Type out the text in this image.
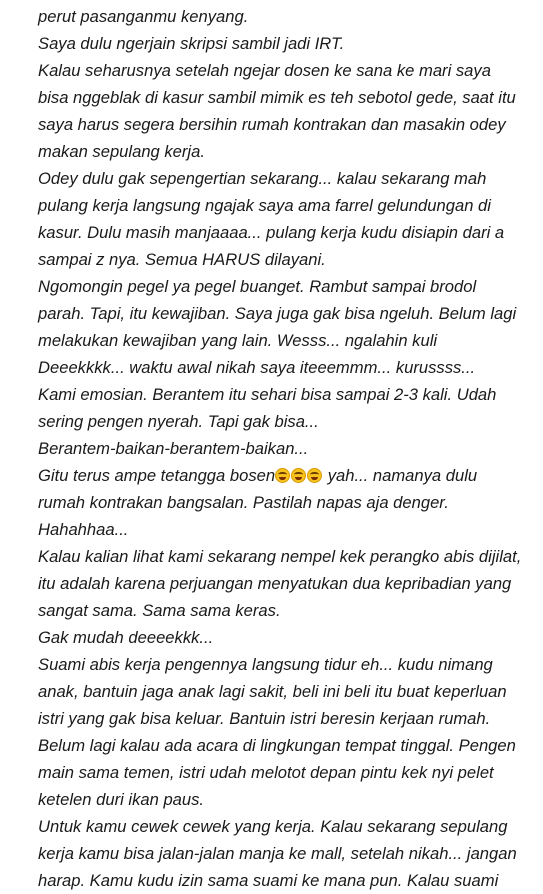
perut pasanganmu kenyang.
Saya dulu ngerjain skripsi sambil jadi IRT.
Kalau seharusnya setelah ngejar dosen ke sana ke mari saya
bisa nggeblak di kasur sambil mimik es teh sebotol gede, saat itu
saya harus segera bersihin rumah kontrakan dan masakin odey
makan sepulang kerja.
Odey dulu gak sepengertian sekarang... kalau sekarang mah
pulang kerja langsung ngajak saya ama farrel gelundungan di
kasur. Dulu masih manjaaaa... pulang kerja kudu disiapin dari a
sampai z nya. Semua HARUS dilayani.
Ngomongin pegel ya pegel buanget. Rambut sampai brodol
parah. Tapi, itu kewajiban. Saya juga gak bisa ngeluh. Belum lagi
melakukan kewajiban yang lain. Wesss... ngalahin kuli
Deeekkkk... waktu awal nikah saya iteeemmm... kurussss...
Kami emosian. Berantem itu sehari bisa sampai 2-3 kali. Udah
sering pengen nyerah. Tapi gak bisa...
Berantem-baikan-berantem-baikan...
Gitu terus ampe tetangga bosen	yah... namanya dulu
rumah kontrakan bangsalan. Pastilah napas aja denger.
Hahahhaa...
Kalau kalian lihat kami sekarang nempel kek perangko abis dijilat,
itu adalah karena perjuangan menyatukan dua kepribadian yang
sangat sama. Sama sama keras.
Gak mudah deeeekkk...
Suami abis kerja pengennya langsung tidur eh... kudu nimang
anak, bantuin jaga anak lagi sakit, beli ini beli itu buat keperluan
istri yang gak bisa keluar. Bantuin istri beresin kerjaan rumah.
Belum lagi kalau ada acara di lingkungan tempat tinggal. Pengen
main sama temen, istri udah melotot depan pintu kek nyi pelet
ketelen duri ikan paus.
Untuk kamu cewek cewek yang kerja. Kalau sekarang sepulang
kerja kamu bisa jalan-jalan manja ke mall, setelah nikah... jangan
harap. Kamu kudu izin sama suami ke mana pun. Kalau suami
